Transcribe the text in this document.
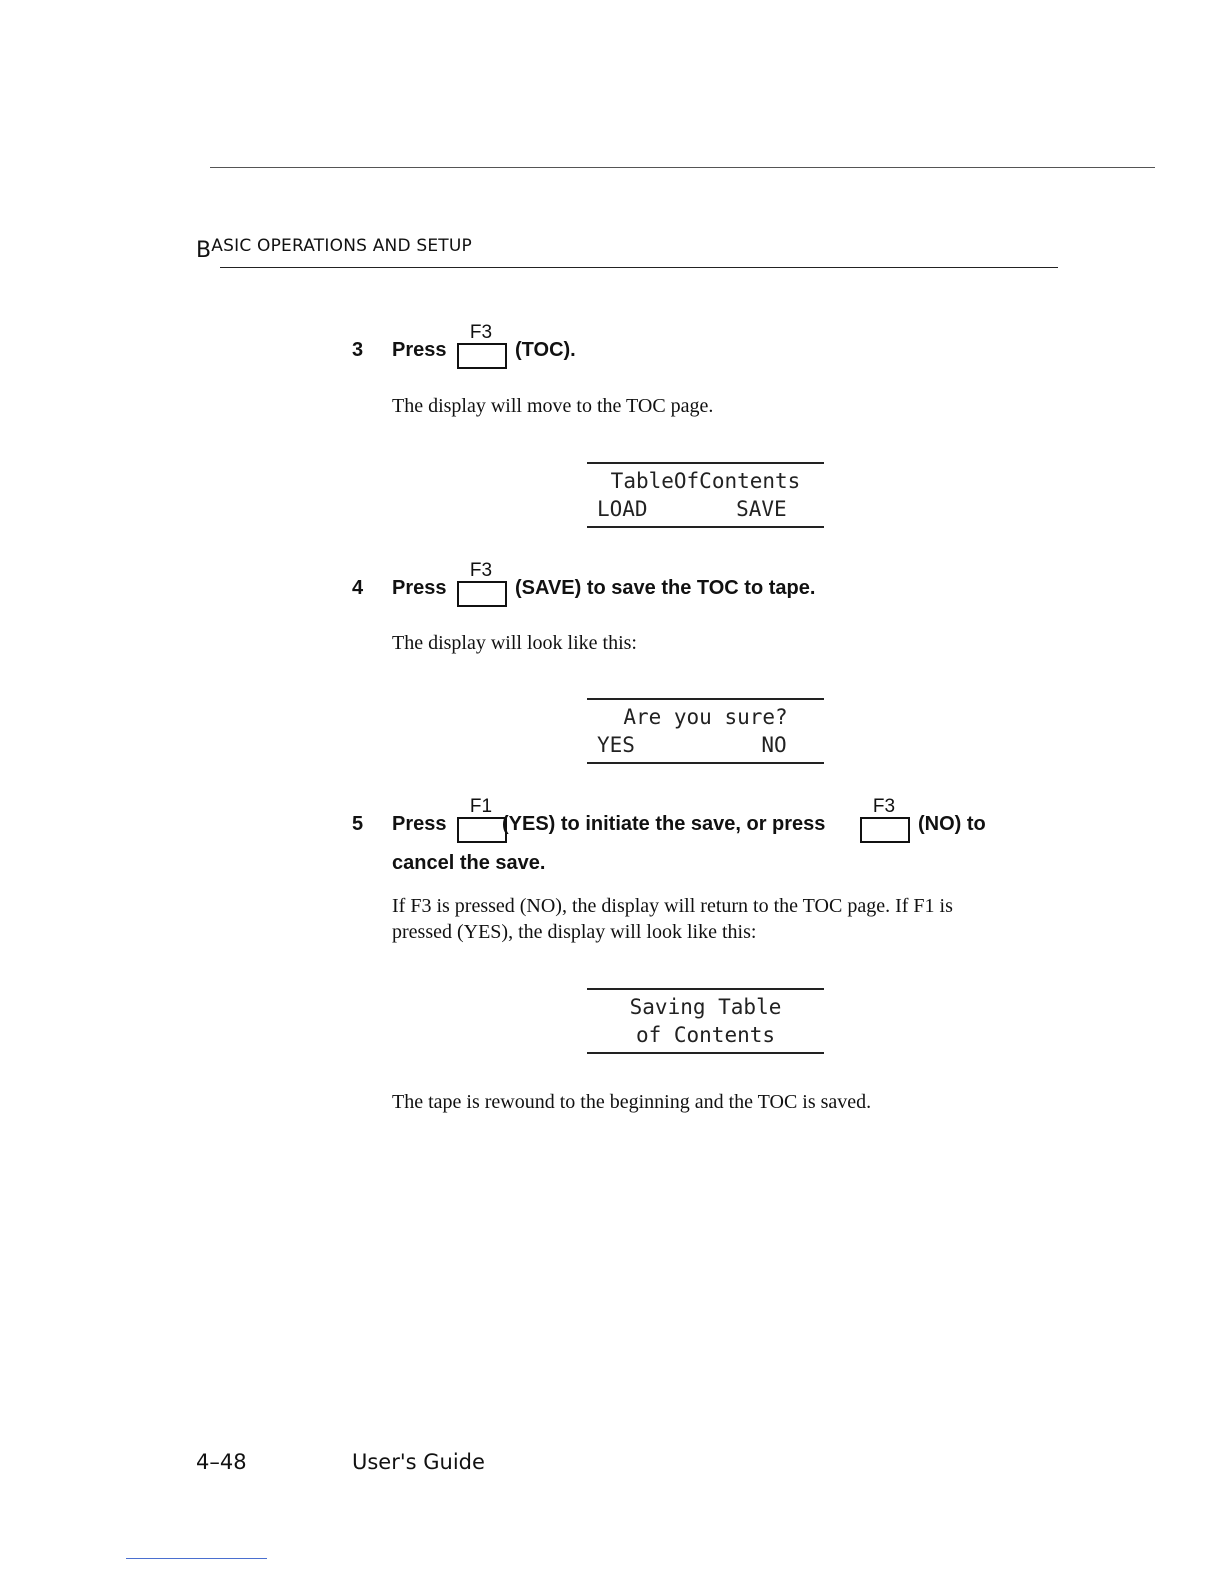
BASIC OPERATIONS AND SETUP
3 Press
F3
(TOC).
The display will move to the TOC page.
TableOfContents
LOAD       SAVE
4 Press
F3
(SAVE) to save the TOC to tape.
The display will look like this:
Are you sure?
YES          NO
5 Press
F1
(YES) to initiate the save, or press
F3
(NO) to
cancel the save.
If F3 is pressed (NO), the display will return to the TOC page. If F1 is
pressed (YES), the display will look like this:
Saving Table
of Contents
The tape is rewound to the beginning and the TOC is saved.
4–48	User's Guide
